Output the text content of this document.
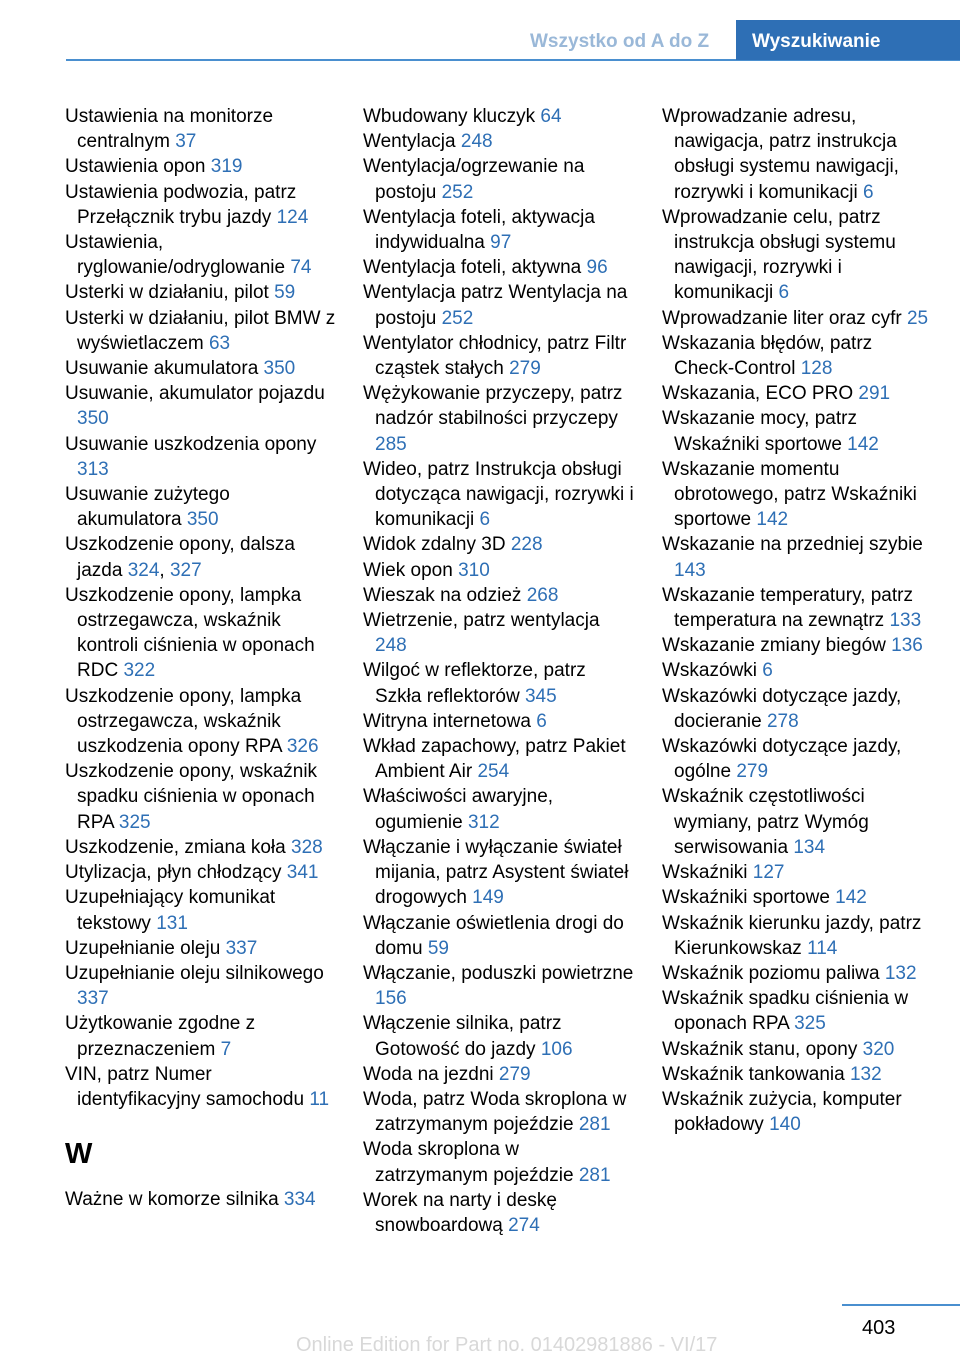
Wszystko od A do Z Wyszukiwanie

Ustawienia na monitorze centralnym 37

Ustawienia opon 319

Ustawienia podwozia, patrz Przełącznik trybu jazdy 124

Ustawienia, ryglowanie/odryglowanie 74

Usterki w działaniu, pilot 59

Usterki w działaniu, pilot BMW z wyświetlaczem 63

Usuwanie akumulatora 350

Usuwanie, akumulator pojazdu 350

Usuwanie uszkodzenia opony 313

Usuwanie zużytego akumulatora 350

Uszkodzenie opony, dalsza jazda 324, 327

Uszkodzenie opony, lampka ostrzegawcza, wskaźnik kontroli ciśnienia w oponach RDC 322

Uszkodzenie opony, lampka ostrzegawcza, wskaźnik uszkodzenia opony RPA 326

Uszkodzenie opony, wskaźnik spadku ciśnienia w oponach RPA 325

Uszkodzenie, zmiana koła 328

Utylizacja, płyn chłodzący 341

Uzupełniający komunikat tekstowy 131

Uzupełnianie oleju 337

Uzupełnianie oleju silnikowego 337

Użytkowanie zgodne z przeznaczeniem 7

VIN, patrz Numer identyfikacyjny samochodu 11

W

Ważne w komorze silnika 334

Wbudowany kluczyk 64

Wentylacja 248

Wentylacja/ogrzewanie na postoju 252

Wentylacja foteli, aktywacja indywidualna 97

Wentylacja foteli, aktywna 96

Wentylacja patrz Wentylacja na postoju 252

Wentylator chłodnicy, patrz Filtr cząstek stałych 279

Wężykowanie przyczepy, patrz nadzór stabilności przyczepy 285

Wideo, patrz Instrukcja obsługi dotycząca nawigacji, rozrywki i komunikacji 6

Widok zdalny 3D 228

Wiek opon 310

Wieszak na odzież 268

Wietrzenie, patrz wentylacja 248

Wilgoć w reflektorze, patrz Szkła reflektorów 345

Witryna internetowa 6

Wkład zapachowy, patrz Pakiet Ambient Air 254

Właściwości awaryjne, ogumienie 312

Włączanie i wyłączanie świateł mijania, patrz Asystent świateł drogowych 149

Włączanie oświetlenia drogi do domu 59

Włączanie, poduszki powietrzne 156

Włączenie silnika, patrz Gotowość do jazdy 106

Woda na jezdni 279

Woda, patrz Woda skroplona w zatrzymanym pojeździe 281

Woda skroplona w zatrzymanym pojeździe 281

Worek na narty i deskę snowboardową 274

Wprowadzanie adresu, nawigacja, patrz instrukcja obsługi systemu nawigacji, rozrywki i komunikacji 6

Wprowadzanie celu, patrz instrukcja obsługi systemu nawigacji, rozrywki i komunikacji 6

Wprowadzanie liter oraz cyfr 25

Wskazania błędów, patrz Check-Control 128

Wskazania, ECO PRO 291

Wskazanie mocy, patrz Wskaźniki sportowe 142

Wskazanie momentu obrotowego, patrz Wskaźniki sportowe 142

Wskazanie na przedniej szybie 143

Wskazanie temperatury, patrz temperatura na zewnątrz 133

Wskazanie zmiany biegów 136

Wskazówki 6

Wskazówki dotyczące jazdy, docieranie 278

Wskazówki dotyczące jazdy, ogólne 279

Wskaźnik częstotliwości wymiany, patrz Wymóg serwisowania 134

Wskaźniki 127

Wskaźniki sportowe 142

Wskaźnik kierunku jazdy, patrz Kierunkowskaz 114

Wskaźnik poziomu paliwa 132

Wskaźnik spadku ciśnienia w oponach RPA 325

Wskaźnik stanu, opony 320

Wskaźnik tankowania 132

Wskaźnik zużycia, komputer pokładowy 140

403
Online Edition for Part no. 01402981886 - VI/17
